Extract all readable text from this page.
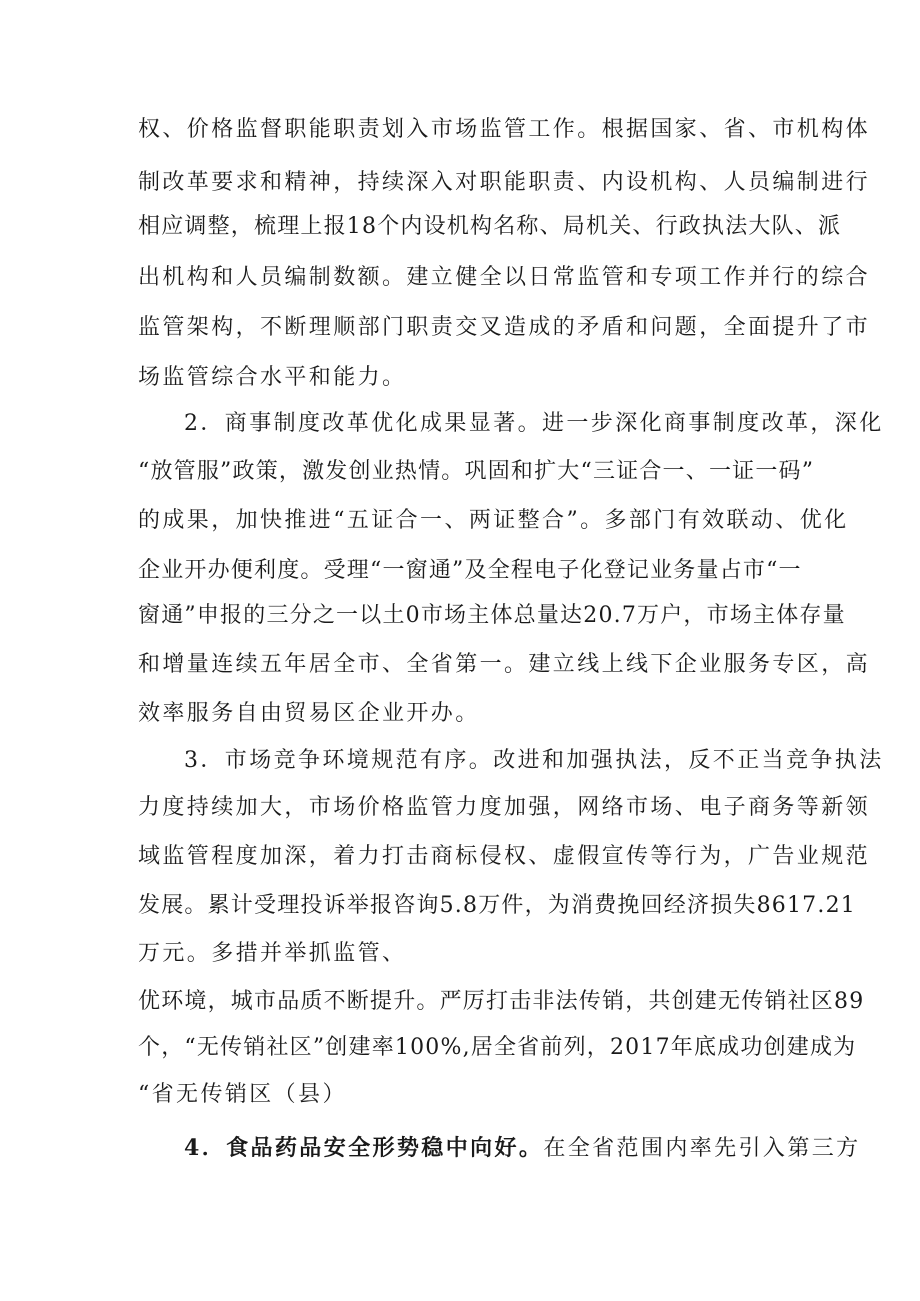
权、价格监督职能职责划入市场监管工作。根据国家、省、市机构体

制改革要求和精神，持续深入对职能职责、内设机构、人员编制进行

相应调整，梳理上报18个内设机构名称、局机关、行政执法大队、派

出机构和人员编制数额。建立健全以日常监管和专项工作并行的综合

监管架构，不断理顺部门职责交叉造成的矛盾和问题，全面提升了市

场监管综合水平和能力。

2．商事制度改革优化成果显著。进一步深化商事制度改革，深化

“放管服”政策，激发创业热情。巩固和扩大“三证合一、一证一码”

的成果，加快推进“五证合一、两证整合”。多部门有效联动、优化

企业开办便利度。受理“一窗通”及全程电子化登记业务量占市“一

窗通”申报的三分之一以土0市场主体总量达20.7万户，市场主体存量

和增量连续五年居全市、全省第一。建立线上线下企业服务专区，高

效率服务自由贸易区企业开办。

3．市场竞争环境规范有序。改进和加强执法，反不正当竞争执法

力度持续加大，市场价格监管力度加强，网络市场、电子商务等新领

域监管程度加深，着力打击商标侵权、虚假宣传等行为，广告业规范

发展。累计受理投诉举报咨询5.8万件，为消费挽回经济损失8617.21

万元。多措并举抓监管、

优环境，城市品质不断提升。严厉打击非法传销，共创建无传销社区89

个，“无传销社区”创建率100%,居全省前列，2017年底成功创建成为

“省无传销区（县）

4．食品药品安全形势稳中向好。在全省范围内率先引入第三方
